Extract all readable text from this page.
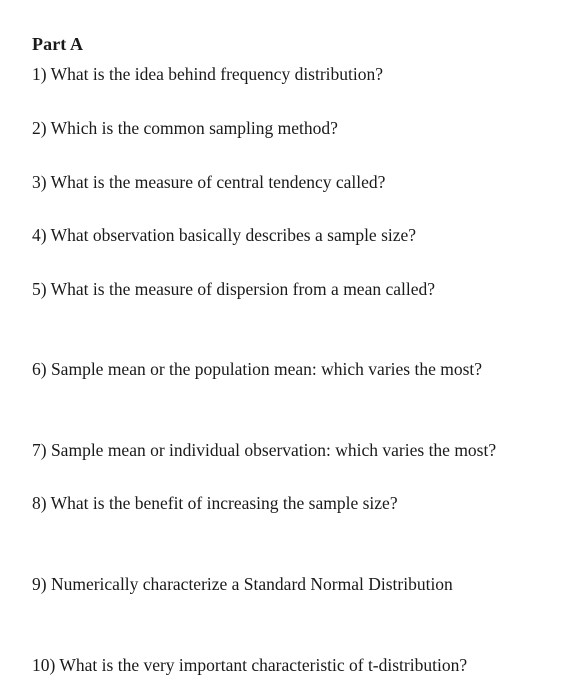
Part A
1) What is the idea behind frequency distribution?
2) Which is the common sampling method?
3) What is the measure of central tendency called?
4) What observation basically describes a sample size?
5) What is the measure of dispersion from a mean called?
6) Sample mean or the population mean: which varies the most?
7) Sample mean or individual observation: which varies the most?
8) What is the benefit of increasing the sample size?
9) Numerically characterize a Standard Normal Distribution
10) What is the very important characteristic of t-distribution?
